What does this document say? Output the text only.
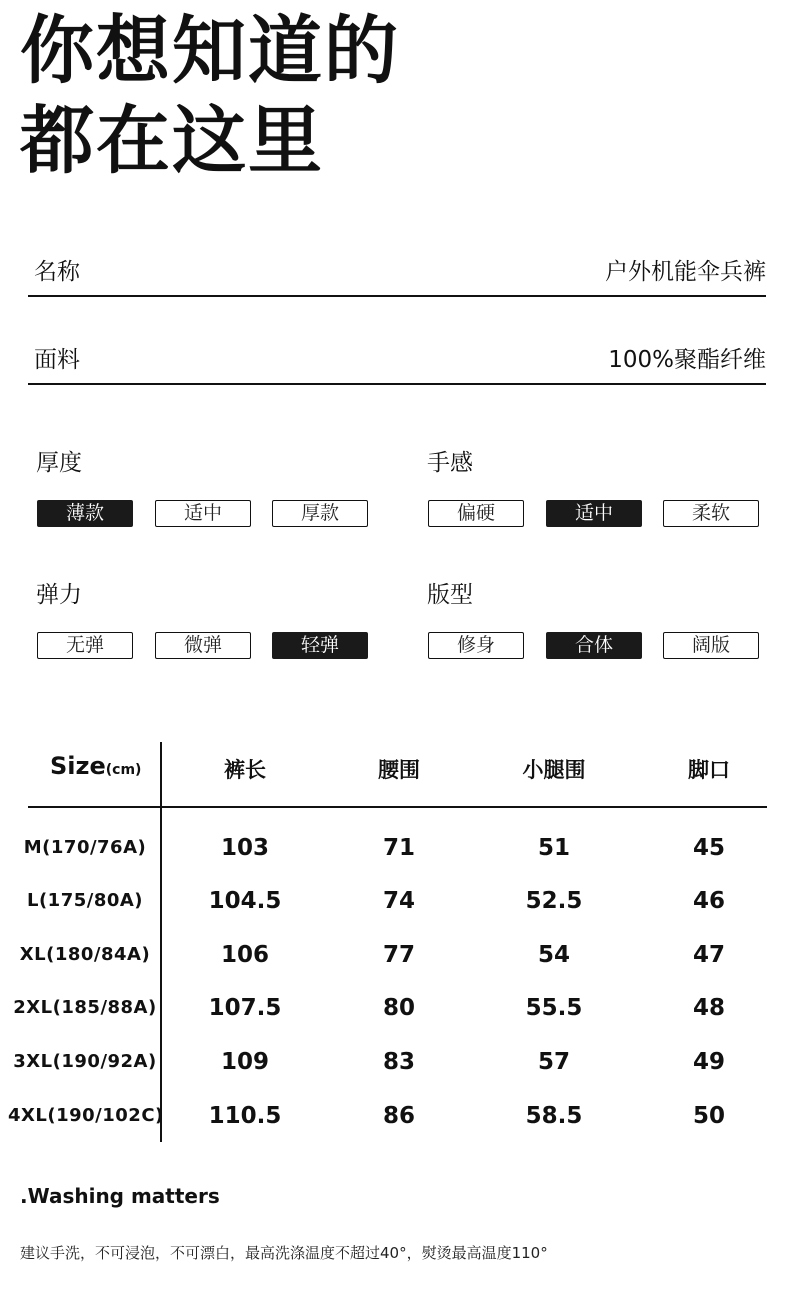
你想知道的
都在这里
名称	户外机能伞兵裤
面料	100%聚酯纤维
厚度
薄款	适中	厚款
手感
偏硬	适中	柔软
弹力
无弹	微弹	轻弹
版型
修身	合体	阔版
Size(cm)	裤长	腰围	小腿围	脚口
M(170/76A)	103	71	51	45
L(175/80A)	104.5	74	52.5	46
XL(180/84A)	106	77	54	47
2XL(185/88A)	107.5	80	55.5	48
3XL(190/92A)	109	83	57	49
4XL(190/102C)	110.5	86	58.5	50
.Washing matters
建议手洗，不可浸泡，不可漂白，最高洗涤温度不超过40°，熨烫最高温度110°
